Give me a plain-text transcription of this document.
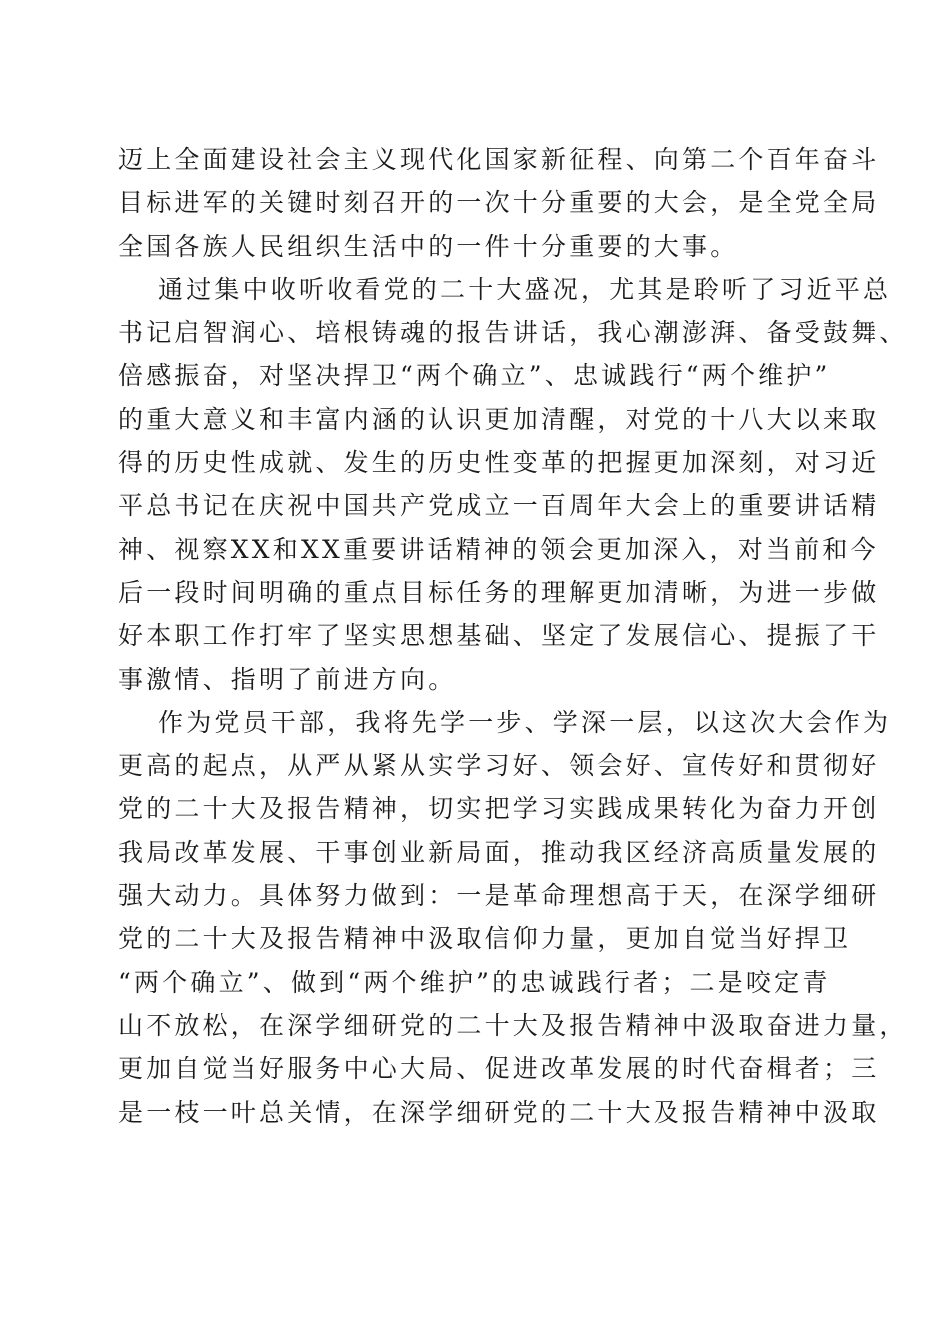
迈上全面建设社会主义现代化国家新征程、向第二个百年奋斗
目标进军的关键时刻召开的一次十分重要的大会，是全党全局
全国各族人民组织生活中的一件十分重要的大事。
通过集中收听收看党的二十大盛况，尤其是聆听了习近平总
书记启智润心、培根铸魂的报告讲话，我心潮澎湃、备受鼓舞、
倍感振奋，对坚决捍卫“两个确立”、忠诚践行“两个维护”
的重大意义和丰富内涵的认识更加清醒，对党的十八大以来取
得的历史性成就、发生的历史性变革的把握更加深刻，对习近
平总书记在庆祝中国共产党成立一百周年大会上的重要讲话精
神、视察XX和XX重要讲话精神的领会更加深入，对当前和今
后一段时间明确的重点目标任务的理解更加清晰，为进一步做
好本职工作打牢了坚实思想基础、坚定了发展信心、提振了干
事激情、指明了前进方向。
作为党员干部，我将先学一步、学深一层，以这次大会作为
更高的起点，从严从紧从实学习好、领会好、宣传好和贯彻好
党的二十大及报告精神，切实把学习实践成果转化为奋力开创
我局改革发展、干事创业新局面，推动我区经济高质量发展的
强大动力。具体努力做到：一是革命理想高于天，在深学细研
党的二十大及报告精神中汲取信仰力量，更加自觉当好捍卫
“两个确立”、做到“两个维护”的忠诚践行者；二是咬定青
山不放松，在深学细研党的二十大及报告精神中汲取奋进力量，
更加自觉当好服务中心大局、促进改革发展的时代奋楫者；三
是一枝一叶总关情，在深学细研党的二十大及报告精神中汲取
